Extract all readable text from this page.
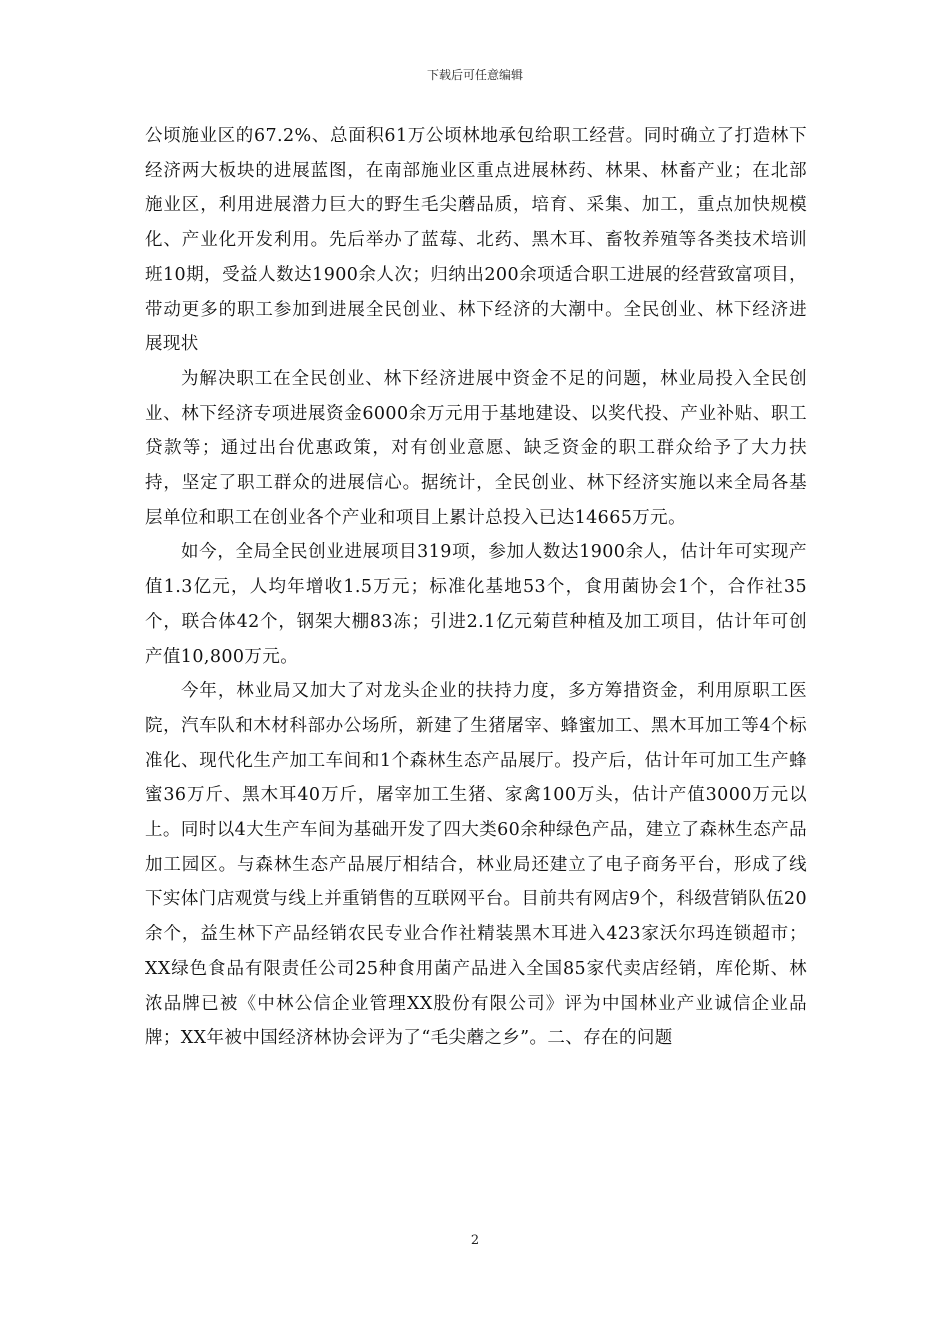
下载后可任意编辑

公顷施业区的67.2%、总面积61万公顷林地承包给职工经营。同时确立了打造林下经济两大板块的进展蓝图，在南部施业区重点进展林药、林果、林畜产业；在北部施业区，利用进展潜力巨大的野生毛尖蘑品质，培育、采集、加工，重点加快规模化、产业化开发利用。先后举办了蓝莓、北药、黑木耳、畜牧养殖等各类技术培训班10期，受益人数达1900余人次；归纳出200余项适合职工进展的经营致富项目，带动更多的职工参加到进展全民创业、林下经济的大潮中。全民创业、林下经济进展现状

为解决职工在全民创业、林下经济进展中资金不足的问题，林业局投入全民创业、林下经济专项进展资金6000余万元用于基地建设、以奖代投、产业补贴、职工贷款等；通过出台优惠政策，对有创业意愿、缺乏资金的职工群众给予了大力扶持，坚定了职工群众的进展信心。据统计，全民创业、林下经济实施以来全局各基层单位和职工在创业各个产业和项目上累计总投入已达14665万元。

如今，全局全民创业进展项目319项，参加人数达1900余人，估计年可实现产值1.3亿元，人均年增收1.5万元；标准化基地53个，食用菌协会1个，合作社35个，联合体42个，钢架大棚83冻；引进2.1亿元菊苣种植及加工项目，估计年可创产值10,800万元。

今年，林业局又加大了对龙头企业的扶持力度，多方筹措资金，利用原职工医院，汽车队和木材科部办公场所，新建了生猪屠宰、蜂蜜加工、黑木耳加工等4个标准化、现代化生产加工车间和1个森林生态产品展厅。投产后，估计年可加工生产蜂蜜36万斤、黑木耳40万斤，屠宰加工生猪、家禽100万头，估计产值3000万元以上。同时以4大生产车间为基础开发了四大类60余种绿色产品，建立了森林生态产品加工园区。与森林生态产品展厅相结合，林业局还建立了电子商务平台，形成了线下实体门店观赏与线上并重销售的互联网平台。目前共有网店9个，科级营销队伍20余个，益生林下产品经销农民专业合作社精装黑木耳进入423家沃尔玛连锁超市；XX绿色食品有限责任公司25种食用菌产品进入全国85家代卖店经销，库伦斯、林浓品牌已被《中林公信企业管理XX股份有限公司》评为中国林业产业诚信企业品牌；XX年被中国经济林协会评为了“毛尖蘑之乡”。二、存在的问题

2
